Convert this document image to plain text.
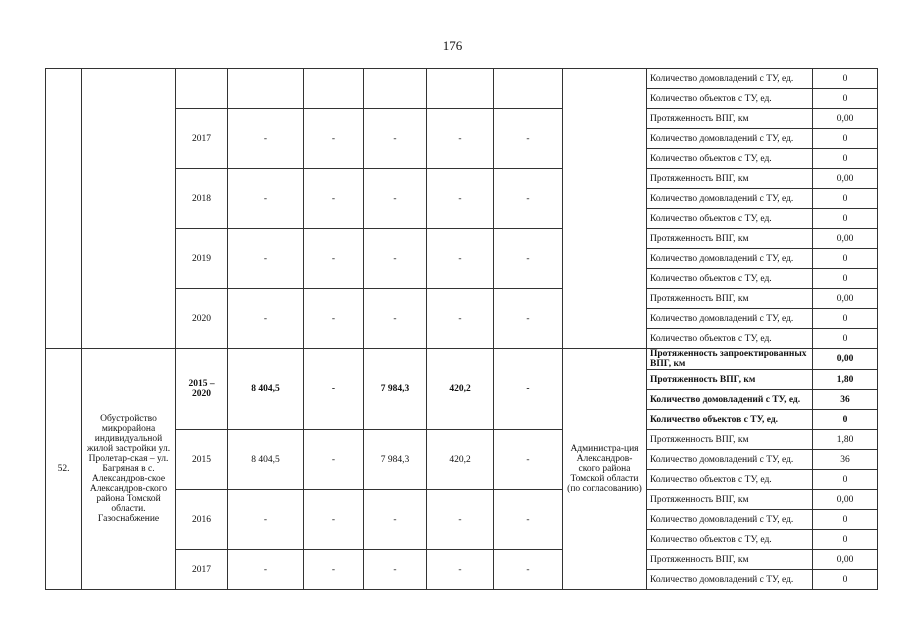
176
									Количество домовладений с ТУ, ед.	0
									Количество объектов с ТУ, ед.	0
		2017	-	-	-	-	-		Протяженность ВПГ, км	0,00
									Количество домовладений с ТУ, ед.	0
									Количество объектов с ТУ, ед.	0
		2018	-	-	-	-	-		Протяженность ВПГ, км	0,00
									Количество домовладений с ТУ, ед.	0
									Количество объектов с ТУ, ед.	0
		2019	-	-	-	-	-		Протяженность ВПГ, км	0,00
									Количество домовладений с ТУ, ед.	0
									Количество объектов с ТУ, ед.	0
		2020	-	-	-	-	-		Протяженность ВПГ, км	0,00
									Количество домовладений с ТУ, ед.	0
									Количество объектов с ТУ, ед.	0
52.	Обустройство микрорайона индивидуальной жилой застройки ул. Пролетар-ская – ул. Багряная в с. Александров-ское Александров-ского района Томской области. Газоснабжение	2015 – 2020	8 404,5	-	7 984,3	420,2	-	Администра-ция Александров-ского района Томской области (по согласованию)	Протяженность запроектированных ВПГ, км	0,00
									Протяженность ВПГ, км	1,80
									Количество домовладений с ТУ, ед.	36
									Количество объектов с ТУ, ед.	0
		2015	8 404,5	-	7 984,3	420,2	-		Протяженность ВПГ, км	1,80
									Количество домовладений с ТУ, ед.	36
									Количество объектов с ТУ, ед.	0
		2016	-	-	-	-	-		Протяженность ВПГ, км	0,00
									Количество домовладений с ТУ, ед.	0
									Количество объектов с ТУ, ед.	0
		2017	-	-	-	-	-		Протяженность ВПГ, км	0,00
									Количество домовладений с ТУ, ед.	0
